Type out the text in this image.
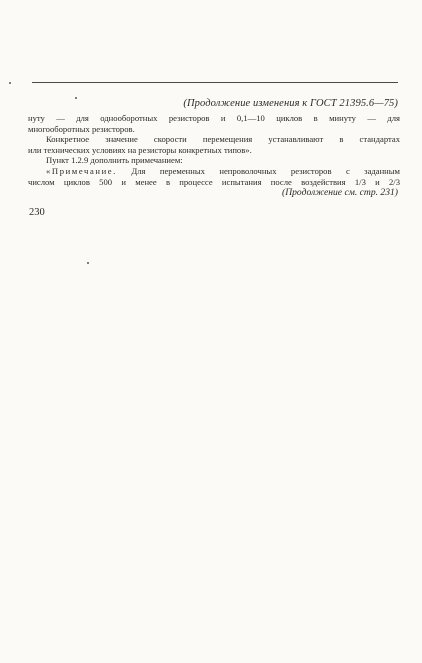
(Продолжение изменения к ГОСТ 21395.6—75)
нуту — для однооборотных резисторов и 0,1—10 циклов в минуту — для
многооборотных резисторов.
Конкретное значение скорости перемещения устанавливают в стандартах
или технических условиях на резисторы конкретных типов».
Пункт 1.2.9 дополнить примечанием:
«Примечание. Для переменных непроволочных резисторов с заданным
числом циклов 500 и менее в процессе испытания после воздействия 1/3 и 2/3
(Продолжение см. стр. 231)
230
